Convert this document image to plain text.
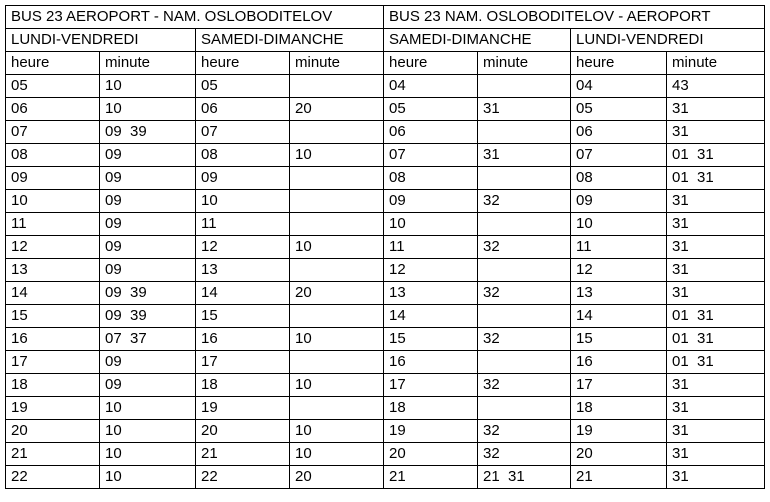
BUS 23 AEROPORT - NAM. OSLOBODITELOV				BUS 23 NAM. OSLOBODITELOV - AEROPORT			
LUNDI-VENDREDI		SAMEDI-DIMANCHE		SAMEDI-DIMANCHE		LUNDI-VENDREDI	
heure	minute	heure	minute	heure	minute	heure	minute
05	10	05		04		04	43
06	10	06	20	05	31	05	31
07	09  39	07		06		06	31
08	09	08	10	07	31	07	01  31
09	09	09		08		08	01  31
10	09	10		09	32	09	31
11	09	11		10		10	31
12	09	12	10	11	32	11	31
13	09	13		12		12	31
14	09  39	14	20	13	32	13	31
15	09  39	15		14		14	01  31
16	07  37	16	10	15	32	15	01  31
17	09	17		16		16	01  31
18	09	18	10	17	32	17	31
19	10	19		18		18	31
20	10	20	10	19	32	19	31
21	10	21	10	20	32	20	31
22	10	22	20	21	21  31	21	31
